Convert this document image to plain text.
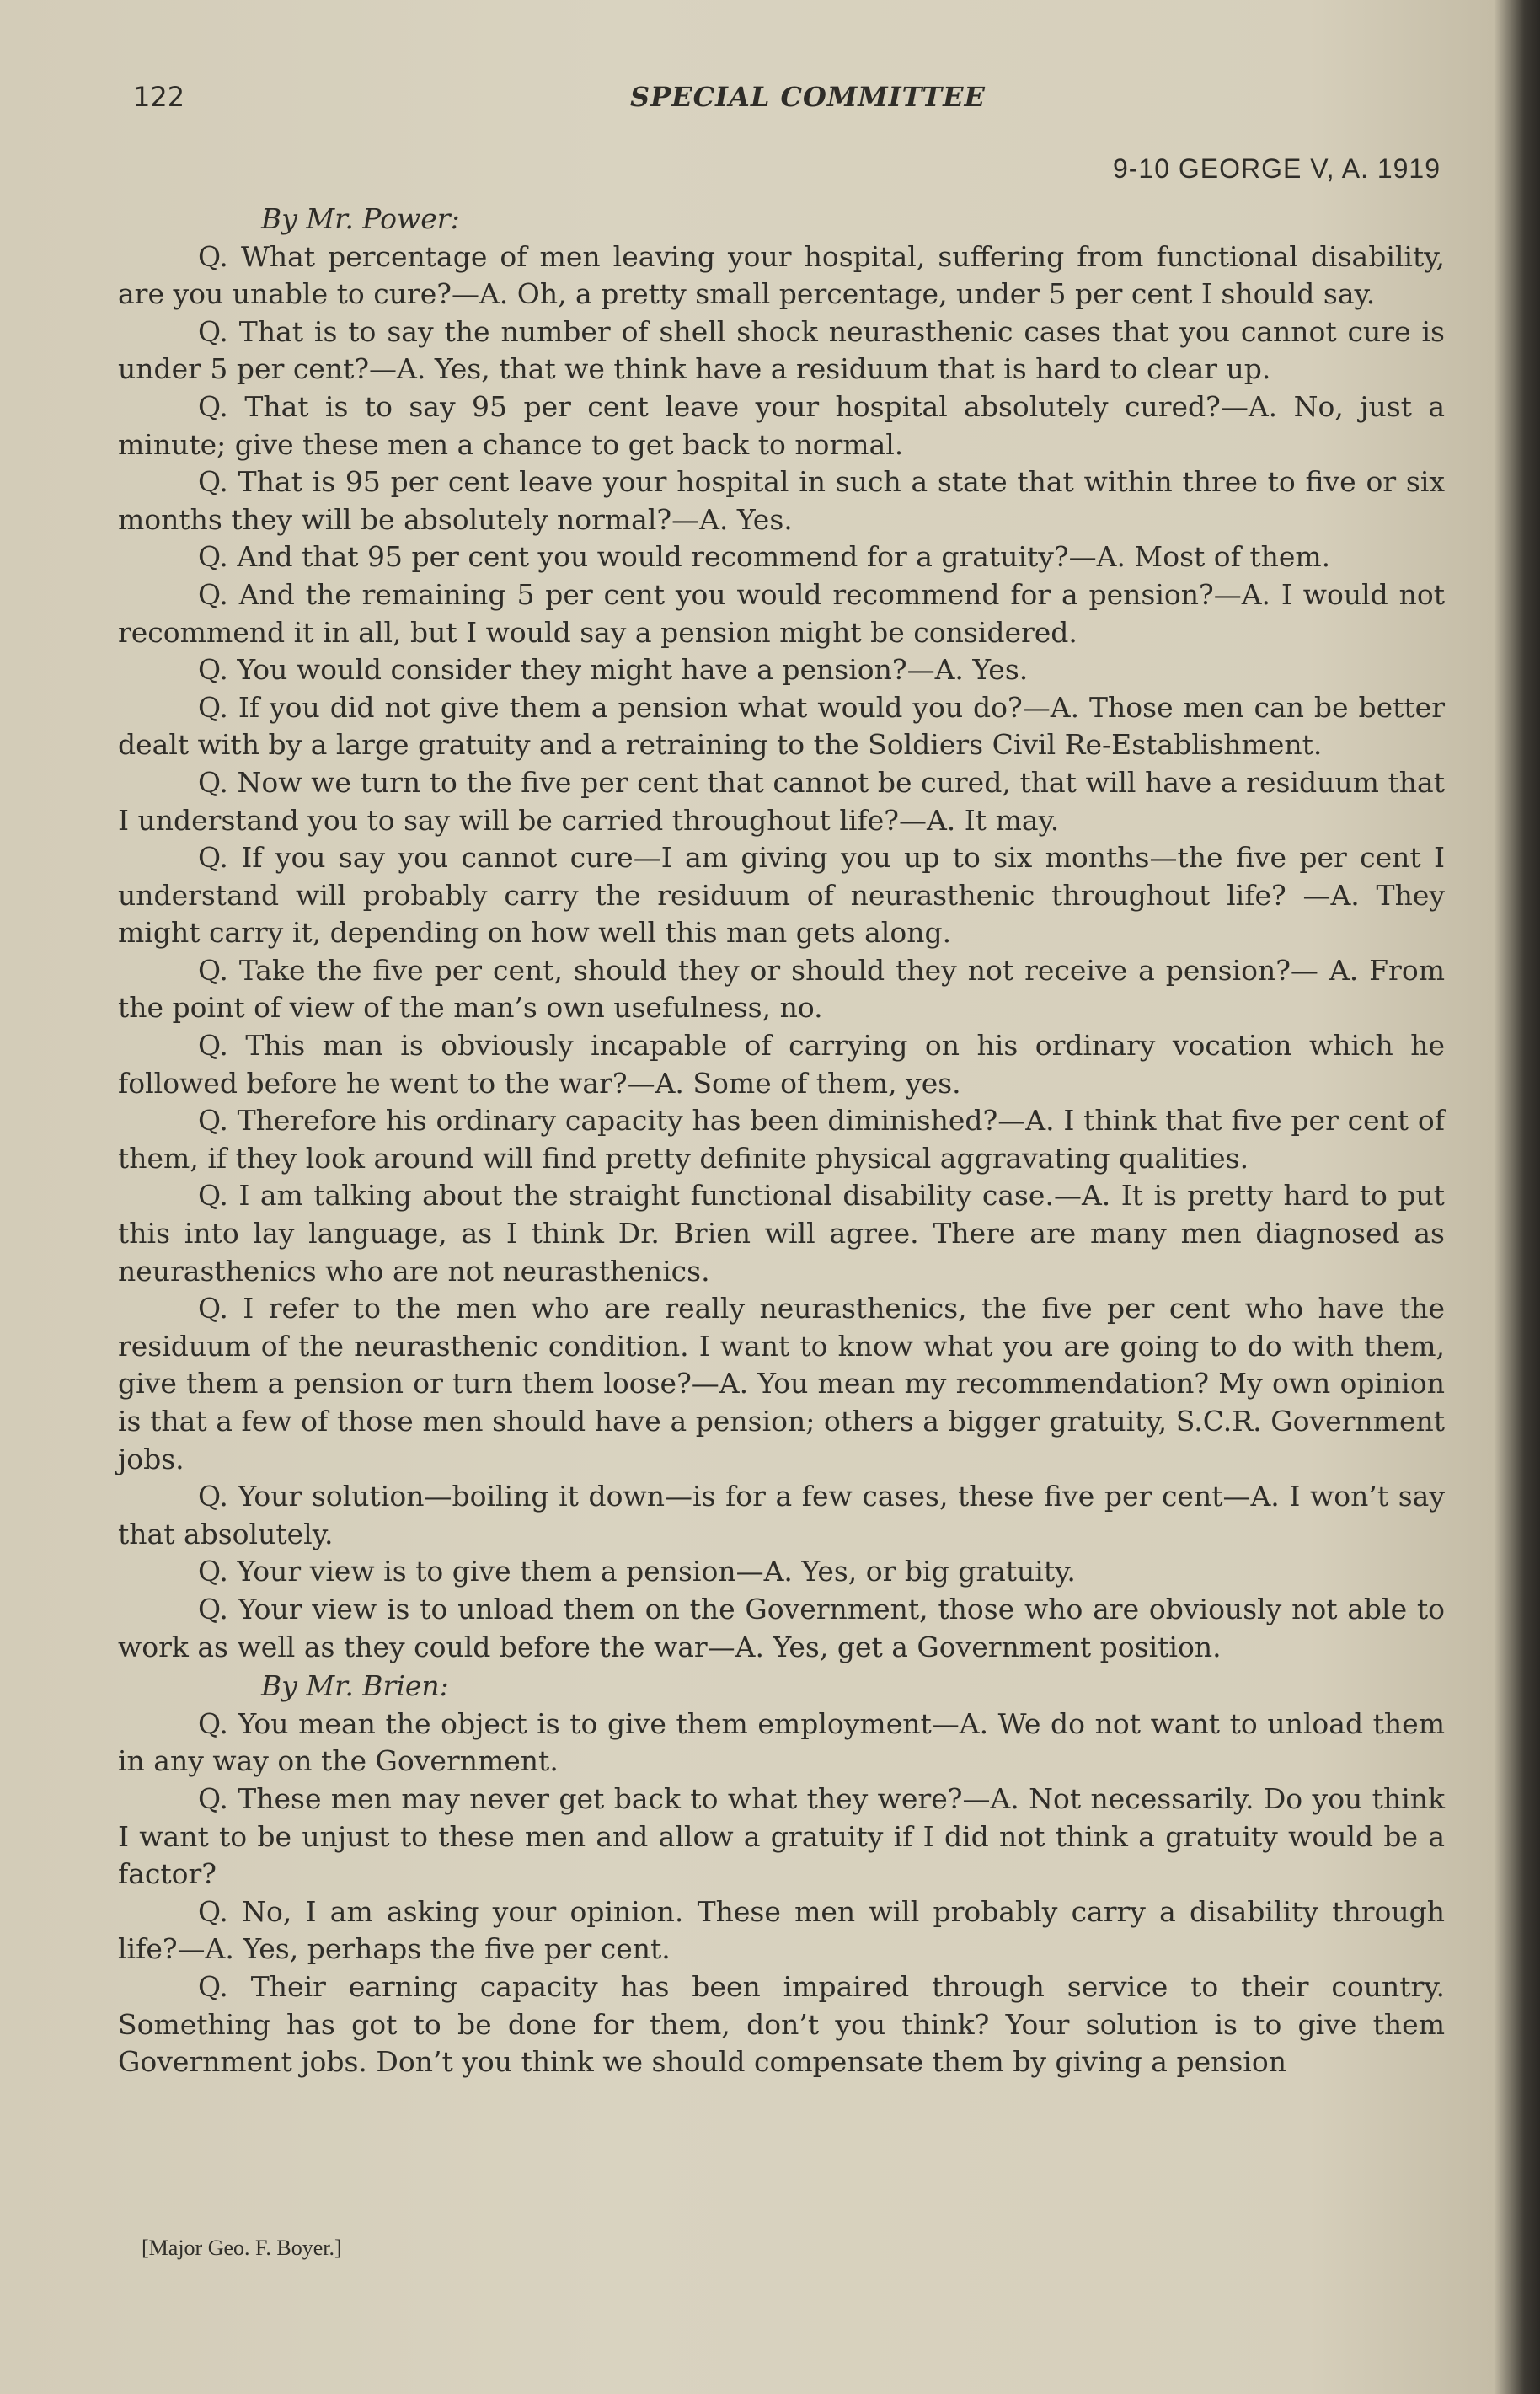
122	SPECIAL COMMITTEE
9-10 GEORGE V, A. 1919

By Mr. Power:

Q. What percentage of men leaving your hospital, suffering from functional disability, are you unable to cure?—A. Oh, a pretty small percentage, under 5 per cent I should say.

Q. That is to say the number of shell shock neurasthenic cases that you cannot cure is under 5 per cent?—A. Yes, that we think have a residuum that is hard to clear up.

Q. That is to say 95 per cent leave your hospital absolutely cured?—A. No, just a minute; give these men a chance to get back to normal.

Q. That is 95 per cent leave your hospital in such a state that within three to five or six months they will be absolutely normal?—A. Yes.

Q. And that 95 per cent you would recommend for a gratuity?—A. Most of them.

Q. And the remaining 5 per cent you would recommend for a pension?—A. I would not recommend it in all, but I would say a pension might be considered.

Q. You would consider they might have a pension?—A. Yes.

Q. If you did not give them a pension what would you do?—A. Those men can be better dealt with by a large gratuity and a retraining to the Soldiers Civil Re-Establishment.

Q. Now we turn to the five per cent that cannot be cured, that will have a residuum that I understand you to say will be carried throughout life?—A. It may.

Q. If you say you cannot cure—I am giving you up to six months—the five per cent I understand will probably carry the residuum of neurasthenic throughout life? —A. They might carry it, depending on how well this man gets along.

Q. Take the five per cent, should they or should they not receive a pension?— A. From the point of view of the man’s own usefulness, no.

Q. This man is obviously incapable of carrying on his ordinary vocation which he followed before he went to the war?—A. Some of them, yes.

Q. Therefore his ordinary capacity has been diminished?—A. I think that five per cent of them, if they look around will find pretty definite physical aggravating qualities.

Q. I am talking about the straight functional disability case.—A. It is pretty hard to put this into lay language, as I think Dr. Brien will agree. There are many men diagnosed as neurasthenics who are not neurasthenics.

Q. I refer to the men who are really neurasthenics, the five per cent who have the residuum of the neurasthenic condition. I want to know what you are going to do with them, give them a pension or turn them loose?—A. You mean my recommendation? My own opinion is that a few of those men should have a pension; others a bigger gratuity, S.C.R. Government jobs.

Q. Your solution—boiling it down—is for a few cases, these five per cent—A. I won’t say that absolutely.

Q. Your view is to give them a pension—A. Yes, or big gratuity.

Q. Your view is to unload them on the Government, those who are obviously not able to work as well as they could before the war—A. Yes, get a Government position.

By Mr. Brien:

Q. You mean the object is to give them employment—A. We do not want to unload them in any way on the Government.

Q. These men may never get back to what they were?—A. Not necessarily. Do you think I want to be unjust to these men and allow a gratuity if I did not think a gratuity would be a factor?

Q. No, I am asking your opinion. These men will probably carry a disability through life?—A. Yes, perhaps the five per cent.

Q. Their earning capacity has been impaired through service to their country. Something has got to be done for them, don’t you think? Your solution is to give them Government jobs. Don’t you think we should compensate them by giving a pension

[Major Geo. F. Boyer.]
